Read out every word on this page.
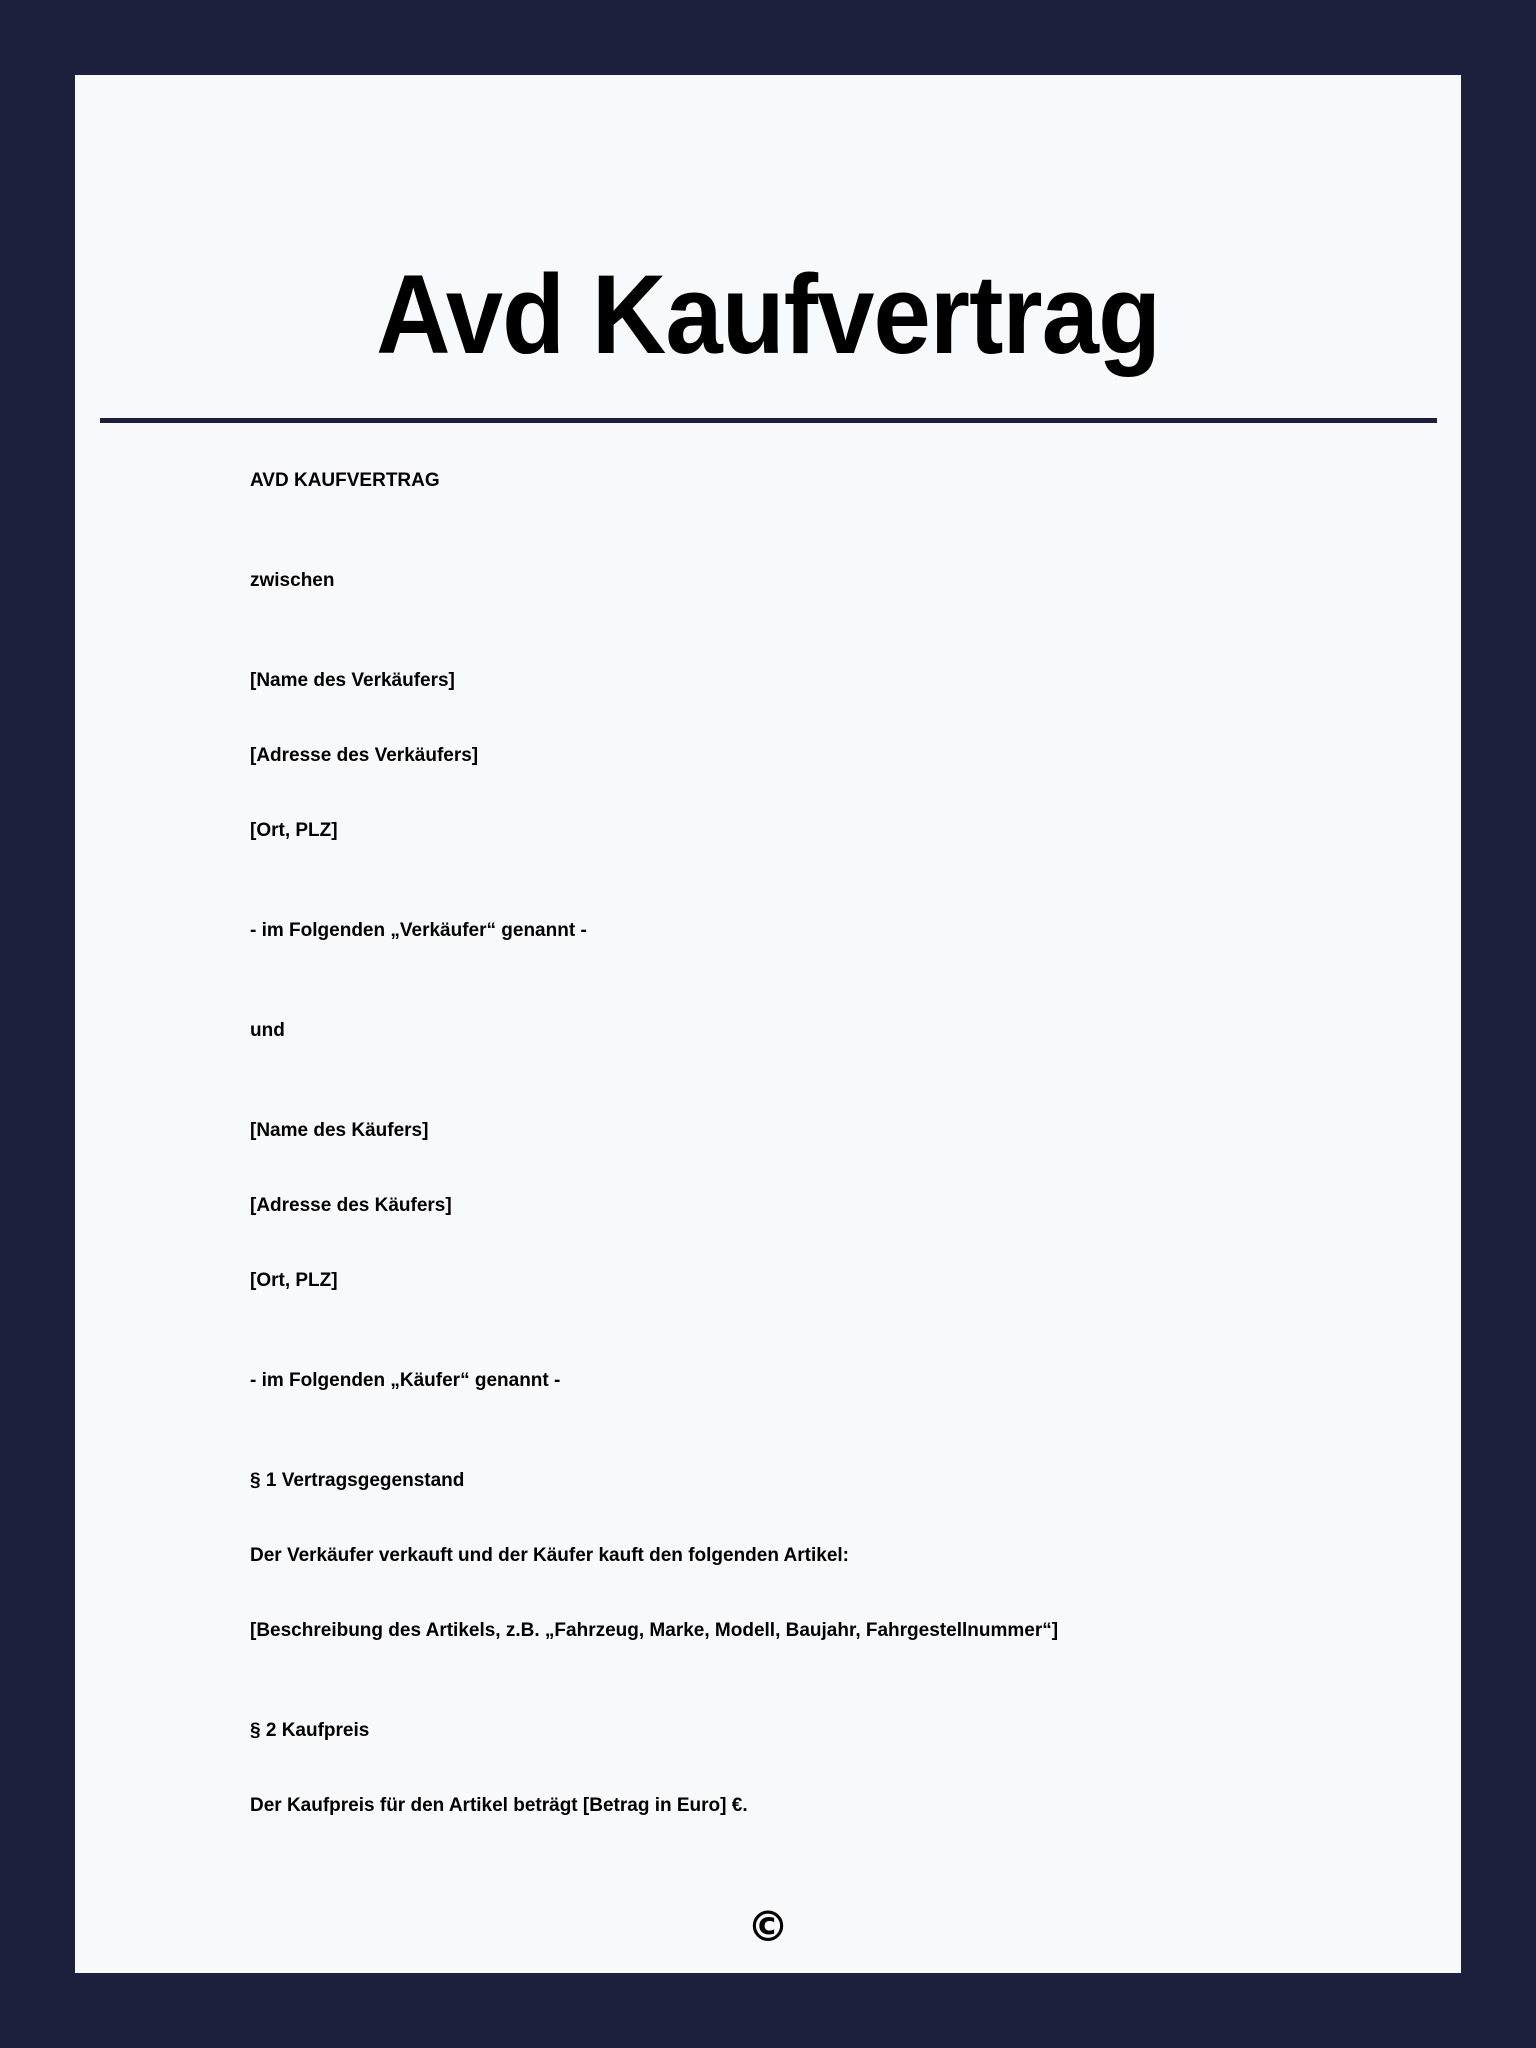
Avd Kaufvertrag

AVD KAUFVERTRAG

zwischen

[Name des Verkäufers]

[Adresse des Verkäufers]

[Ort, PLZ]

- im Folgenden „Verkäufer“ genannt -

und

[Name des Käufers]

[Adresse des Käufers]

[Ort, PLZ]

- im Folgenden „Käufer“ genannt -

§ 1 Vertragsgegenstand

Der Verkäufer verkauft und der Käufer kauft den folgenden Artikel:

[Beschreibung des Artikels, z.B. „Fahrzeug, Marke, Modell, Baujahr, Fahrgestellnummer“]

§ 2 Kaufpreis

Der Kaufpreis für den Artikel beträgt [Betrag in Euro] €.

©
